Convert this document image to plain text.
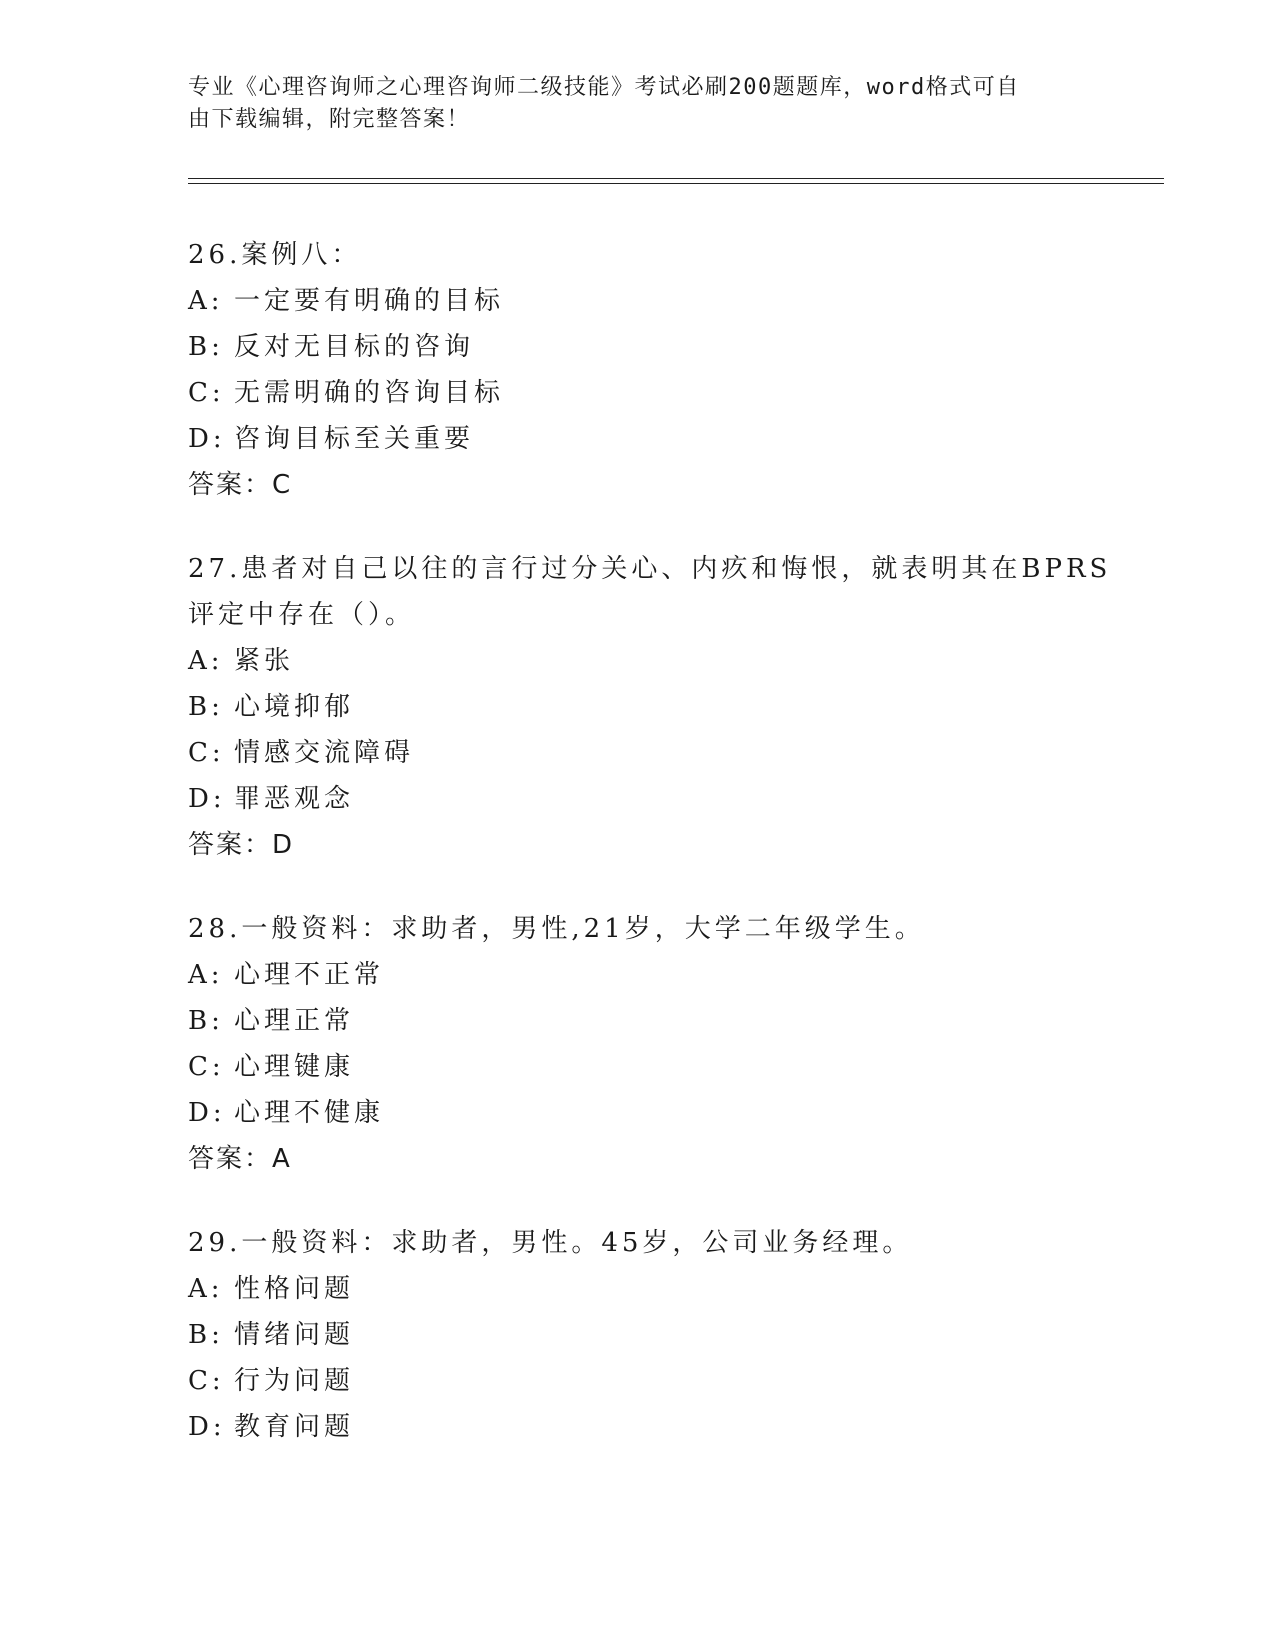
专业《心理咨询师之心理咨询师二级技能》考试必刷200题题库，word格式可自
由下载编辑，附完整答案！
26.案例八：
A: 一定要有明确的目标
B: 反对无目标的咨询
C: 无需明确的咨询目标
D: 咨询目标至关重要
答案：C
27.患者对自己以往的言行过分关心、内疚和悔恨，就表明其在BPRS
评定中存在（）。
A: 紧张
B: 心境抑郁
C: 情感交流障碍
D: 罪恶观念
答案：D
28.一般资料：求助者，男性,21岁，大学二年级学生。
A: 心理不正常
B: 心理正常
C: 心理键康
D: 心理不健康
答案：A
29.一般资料：求助者，男性。45岁，公司业务经理。
A: 性格问题
B: 情绪问题
C: 行为问题
D: 教育问题
